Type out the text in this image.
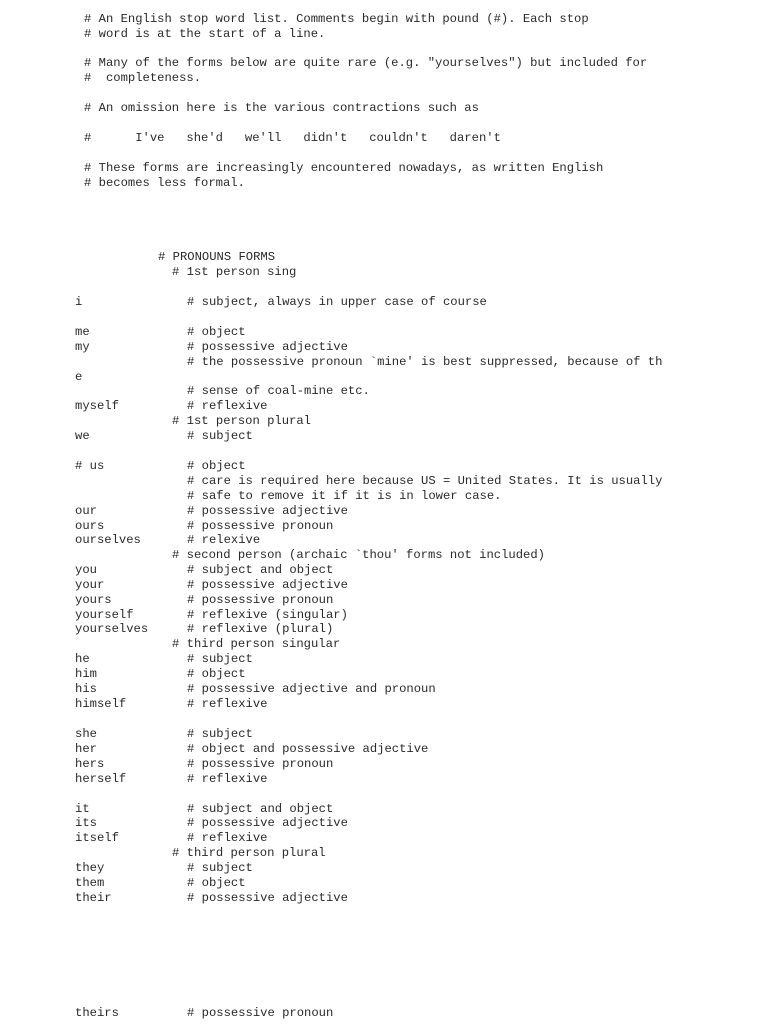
# An English stop word list. Comments begin with pound (#). Each stop
# word is at the start of a line.
# Many of the forms below are quite rare (e.g. "yourselves") but included for
#  completeness.
# An omission here is the various contractions such as
#      I've   she'd   we'll   didn't   couldn't   daren't
# These forms are increasingly encountered nowadays, as written English
# becomes less formal.
# PRONOUNS FORMS
# 1st person sing
i	# subject, always in upper case of course
me	# object
my	# possessive adjective
# the possessive pronoun `mine' is best suppressed, because of th
e
# sense of coal-mine etc.
myself	# reflexive
# 1st person plural
we	# subject
# us	# object
# care is required here because US = United States. It is usually
# safe to remove it if it is in lower case.
our	# possessive adjective
ours	# possessive pronoun
ourselves	# relexive
# second person (archaic `thou' forms not included)
you	# subject and object
your	# possessive adjective
yours	# possessive pronoun
yourself	# reflexive (singular)
yourselves	# reflexive (plural)
# third person singular
he	# subject
him	# object
his	# possessive adjective and pronoun
himself	# reflexive
she	# subject
her	# object and possessive adjective
hers	# possessive pronoun
herself	# reflexive
it	# subject and object
its	# possessive adjective
itself	# reflexive
# third person plural
they	# subject
them	# object
their	# possessive adjective
theirs	# possessive pronoun
